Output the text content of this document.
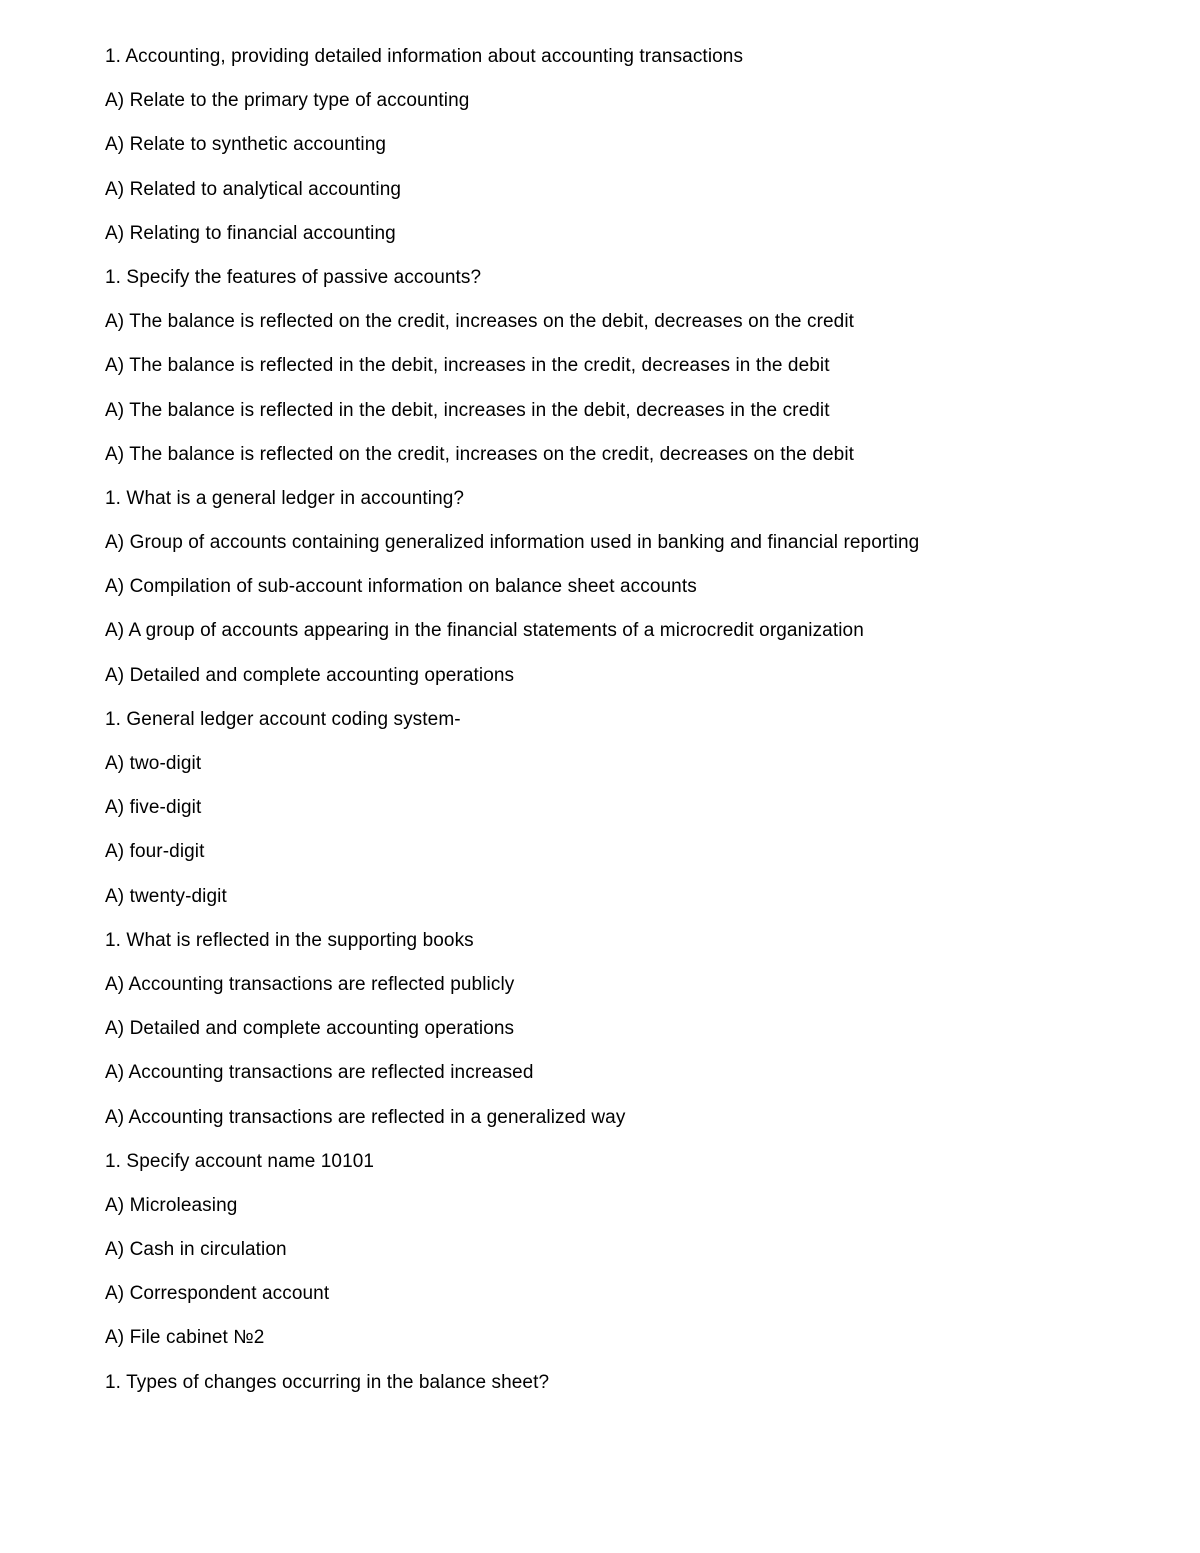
1. Accounting, providing detailed information about accounting transactions
A) Relate to the primary type of accounting
A) Relate to synthetic accounting
A) Related to analytical accounting
A) Relating to financial accounting
1. Specify the features of passive accounts?
A) The balance is reflected on the credit, increases on the debit, decreases on the credit
A) The balance is reflected in the debit, increases in the credit, decreases in the debit
A) The balance is reflected in the debit, increases in the debit, decreases in the credit
A) The balance is reflected on the credit, increases on the credit, decreases on the debit
1. What is a general ledger in accounting?
A) Group of accounts containing generalized information used in banking and financial reporting
A) Compilation of sub-account information on balance sheet accounts
A) A group of accounts appearing in the financial statements of a microcredit organization
A) Detailed and complete accounting operations
1. General ledger account coding system-
A) two-digit
A) five-digit
A) four-digit
A) twenty-digit
1. What is reflected in the supporting books
A) Accounting transactions are reflected publicly
A) Detailed and complete accounting operations
A) Accounting transactions are reflected increased
A) Accounting transactions are reflected in a generalized way
1. Specify account name 10101
A) Microleasing
A) Cash in circulation
A) Correspondent account
A) File cabinet №2
1. Types of changes occurring in the balance sheet?
